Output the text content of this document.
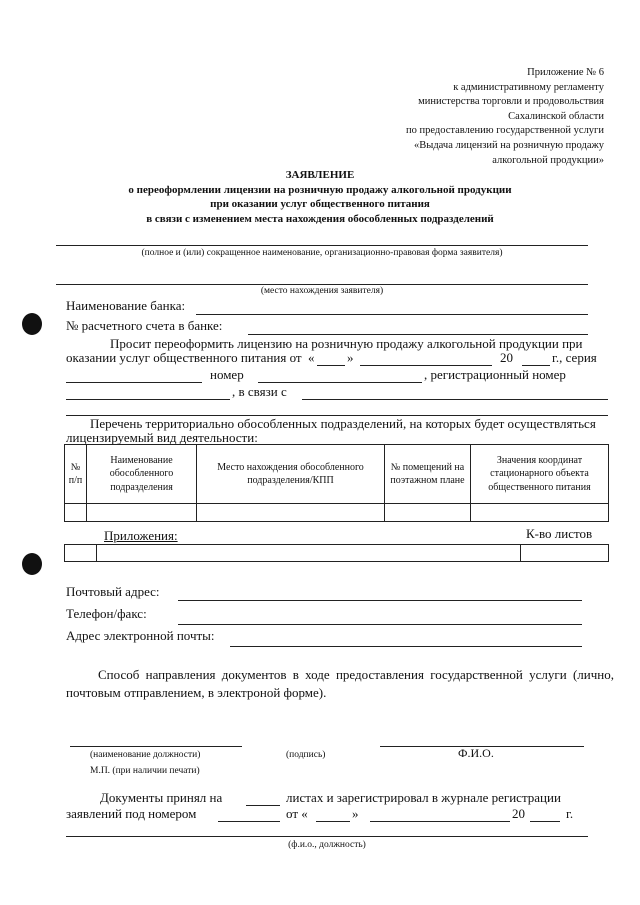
Приложение № 6
к административному регламенту
министерства торговли и продовольствия
Сахалинской области
по предоставлению государственной услуги
«Выдача лицензий на розничную продажу
алкогольной продукции»
ЗАЯВЛЕНИЕ
о переоформлении лицензии на розничную продажу алкогольной продукции
при оказании услуг общественного питания
в связи с изменением места нахождения обособленных подразделений
(полное и (или) сокращенное наименование, организационно-правовая форма заявителя)
(место нахождения заявителя)
Наименование банка:
№ расчетного счета в банке:
Просит переоформить лицензию на розничную продажу алкогольной продукции при
оказании услуг общественного питания от «	»	20	г., серия
номер	, регистрационный номер
, в связи с
Перечень территориально обособленных подразделений, на которых будет осуществляться
лицензируемый вид деятельности:
№ п/п	Наименование обособленного подразделения	Место нахождения обособленного подразделения/КПП	№ помещений на поэтажном плане	Значения координат стационарного объекта общественного питания

Приложения:	К-во листов

Почтовый адрес:
Телефон/факс:
Адрес электронной почты:
Способ направления документов в ходе предоставления государственной услуги (лично, почтовым отправлением, в электроной форме).
(наименование должности)	(подпись)	Ф.И.О.
М.П. (при наличии печати)
Документы принял на	листах и зарегистрировал в журнале регистрации
заявлений под номером	от «	»	20	г.
(ф.и.о., должность)
